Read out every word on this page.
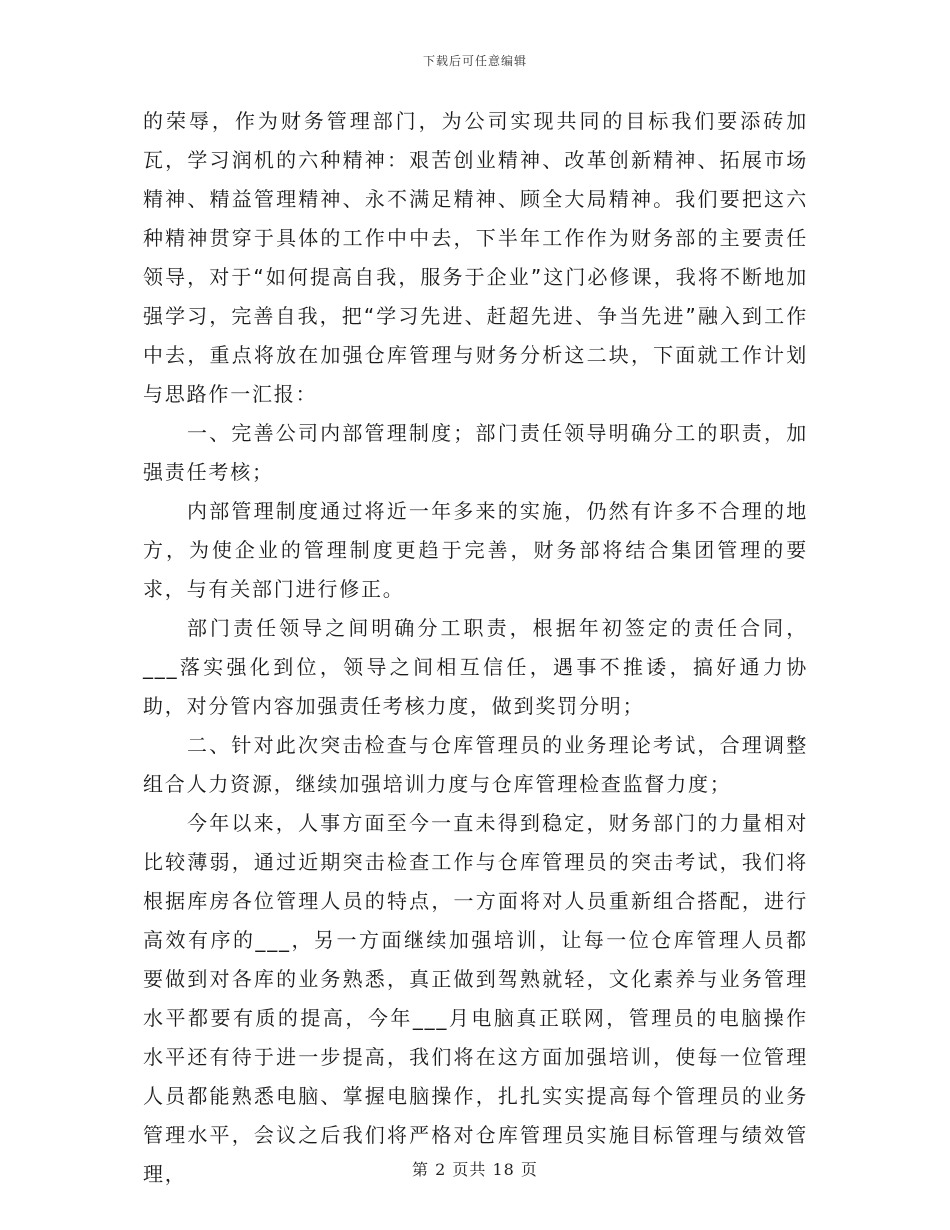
下载后可任意编辑

的荣辱，作为财务管理部门，为公司实现共同的目标我们要添砖加瓦，学习润机的六种精神：艰苦创业精神、改革创新精神、拓展市场精神、精益管理精神、永不满足精神、顾全大局精神。我们要把这六种精神贯穿于具体的工作中中去，下半年工作作为财务部的主要责任领导，对于“如何提高自我，服务于企业”这门必修课，我将不断地加强学习，完善自我，把“学习先进、赶超先进、争当先进”融入到工作中去，重点将放在加强仓库管理与财务分析这二块，下面就工作计划与思路作一汇报：

一、完善公司内部管理制度；部门责任领导明确分工的职责，加强责任考核；

内部管理制度通过将近一年多来的实施，仍然有许多不合理的地方，为使企业的管理制度更趋于完善，财务部将结合集团管理的要求，与有关部门进行修正。

部门责任领导之间明确分工职责，根据年初签定的责任合同，___落实强化到位，领导之间相互信任，遇事不推诿，搞好通力协助，对分管内容加强责任考核力度，做到奖罚分明；

二、针对此次突击检查与仓库管理员的业务理论考试，合理调整组合人力资源，继续加强培训力度与仓库管理检查监督力度；

今年以来，人事方面至今一直未得到稳定，财务部门的力量相对比较薄弱，通过近期突击检查工作与仓库管理员的突击考试，我们将根据库房各位管理人员的特点，一方面将对人员重新组合搭配，进行高效有序的___，另一方面继续加强培训，让每一位仓库管理人员都要做到对各库的业务熟悉，真正做到驾熟就轻，文化素养与业务管理水平都要有质的提高，今年___月电脑真正联网，管理员的电脑操作水平还有待于进一步提高，我们将在这方面加强培训，使每一位管理人员都能熟悉电脑、掌握电脑操作，扎扎实实提高每个管理员的业务管理水平，会议之后我们将严格对仓库管理员实施目标管理与绩效管理，	第 2 页共 18 页
